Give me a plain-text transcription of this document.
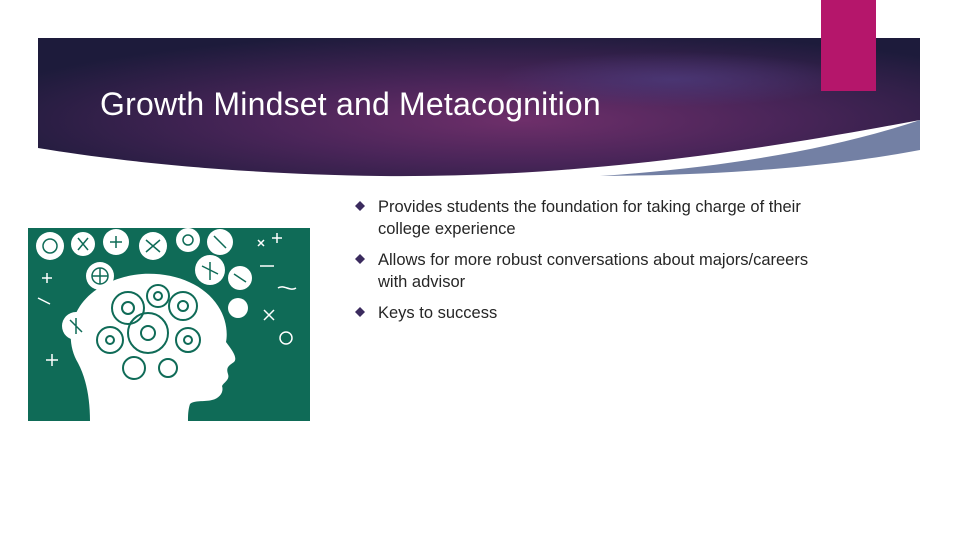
Growth Mindset and Metacognition
Provides students the foundation for taking charge of their college experience
Allows for more robust conversations about majors/careers with advisor
Keys to success
